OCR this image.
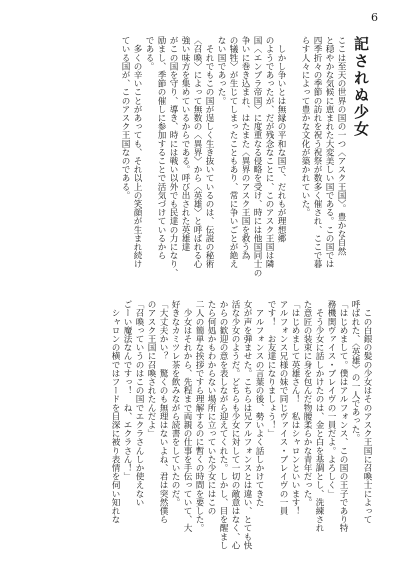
6
記されぬ少女
ここは至天の世界の国の一つ〈アスク王国〉。豊かな自然
と穏やかな気候に恵まれた大変美しい国である。この国では
四季折々の季節の訪れを祝う祝祭が数多く催され、ここで暮
らす人々によって豊かな文化が築かれていた。
　しかし争いとは無縁の平和な国で、だれもが理想郷
のようであったが、だが残念なことに、このアスク王国は隣
国〈エンブラ帝国〉に度重なる侵略を受け、時には他国同士の
争いに巻き込まれ、はたまた〈異界のアスク王国を救う為
の犠牲〉が生じてしまったこともあり、常に争いごとが絶え
ない国であった。
　それでもこの国が逞しく生き抜いているのは、伝説の秘術
〈召喚〉によって無数の〈異界〉から〈英雄〉と呼ばれる心
強い味方を集めているからである。呼び出された英雄達
がこの国を守り、導き、時には戦い以外でも民達の力になり、
励まし、季節の催しに参加することで活気づけているから
である。
　多くの辛いことがあっても、それ以上の笑顔が生まれ続け
ている国が、このアスク王国なのである。
　この白銀の髪の少女はそのアスク王国に召喚士によって
呼ばれた、〈英雄〉の一人であった。
「はじめまして。僕はアルフォンス、この国の王子であり特
務機関ヴァイス・ブレイヴの一員だよ。よろしく」
　そう少女に話しかけたのは、金と白を基調とし、洗練され
た意匠の装束に身を包んだ物腰柔らかな青年だった。
「はじめまして英雄さん！　私はシャロンといいます！
アルフォンス兄様の妹で同じヴァイス・ブレイヴの一員
です！　お友達になりましょう！」
　アルフォンスの言葉の後、勢いよく話しかけてきた
女が声を弾ませた。こちらは兄アルフォンスとは違い、とても快
活な少女のようだ。どちらも少女に対して一切の敵意はなく、心
からの歓迎の意を表しながら迎えてくれた。しかし、目を醒まし
たら何処かもわからない場所に立っていた少女にはこの
二人の簡単な挨拶ですら理解するのに暫くの時間を要した。
　少女はそれから、先程まで両親の仕事を手伝っていて、大
好きなカミツレ茶を飲みながら読書をしていたのだ。
「大丈夫かい？　驚くのも無理はないよね、君は突然僕ら
のアスク王国に召喚されたんだよ」
「召喚っていうのはこの国でエクラさんしか使えない
ごーい魔法なんですっ！　ね、エクラさん！」
　シャロンの横ではフードを目深に被り表情を伺い知れな
